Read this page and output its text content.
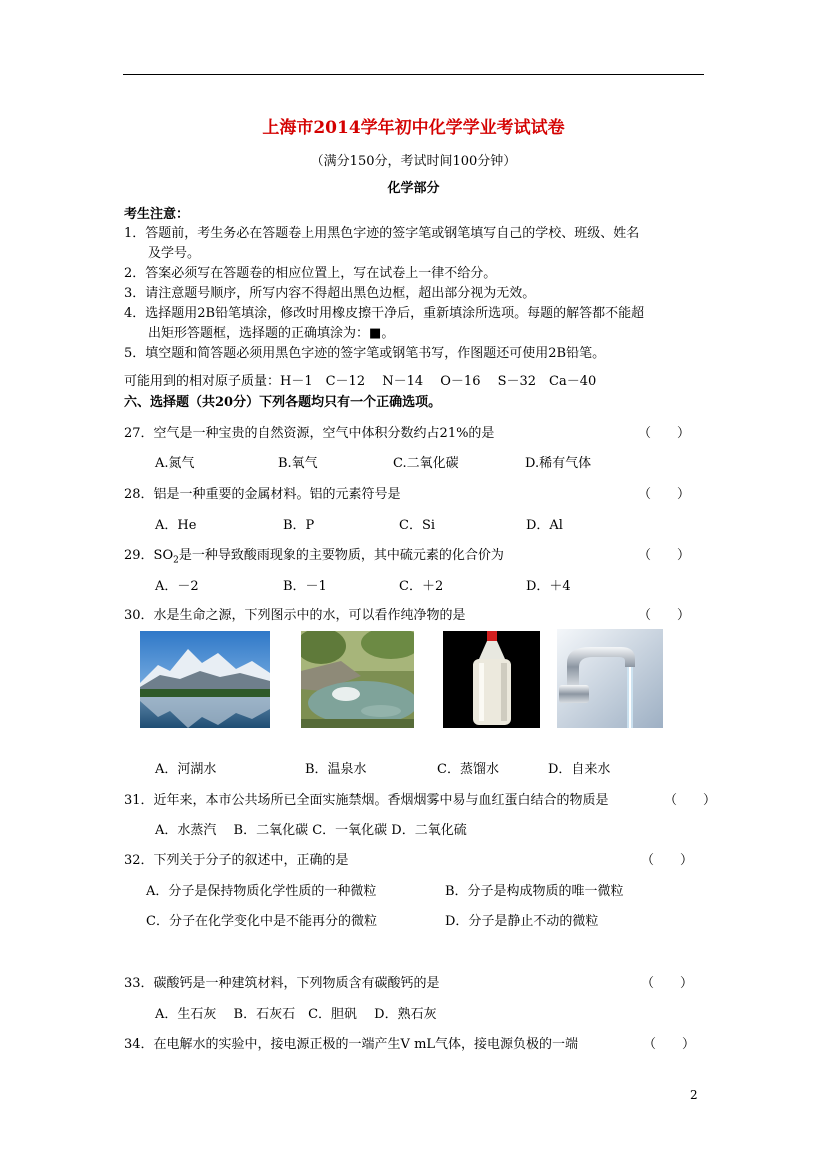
上海市2014学年初中化学学业考试试卷
（满分150分，考试时间100分钟）
化学部分
考生注意：
1．答题前，考生务必在答题卷上用黑色字迹的签字笔或钢笔填写自己的学校、班级、姓名
及学号。
2．答案必须写在答题卷的相应位置上，写在试卷上一律不给分。
3．请注意题号顺序，所写内容不得超出黑色边框，超出部分视为无效。
4．选择题用2B铅笔填涂，修改时用橡皮擦干净后，重新填涂所选项。每题的解答都不能超
出矩形答题框，选择题的正确填涂为：■。
5．填空题和简答题必须用黑色字迹的签字笔或钢笔书写，作图题还可使用2B铅笔。
可能用到的相对原子质量：H－1　C－12　 N－14　 O－16　 S－32　Ca－40
六、选择题（共20分）下列各题均只有一个正确选项。
27．空气是一种宝贵的自然资源，空气中体积分数约占21%的是	（　　）
A.氮气	B.氧气	C.二氧化碳	D.稀有气体
28．铝是一种重要的金属材料。铝的元素符号是	（　　）
A．He	B．P	C．Si	D．Al
29．$SO_2$是一种导致酸雨现象的主要物质，其中硫元素的化合价为	（　　）
A．－2	B．－1	C．＋2	D．＋4
30．水是生命之源，下列图示中的水，可以看作纯净物的是	（　　）
A．河湖水	B．温泉水	C．蒸馏水	D．自来水
31．近年来，本市公共场所已全面实施禁烟。香烟烟雾中易与血红蛋白结合的物质是	（　　）
A．水蒸汽　 B．二氧化碳 C．一氧化碳 D．二氧化硫
32．下列关于分子的叙述中，正确的是	（　　）
A．分子是保持物质化学性质的一种微粒	B．分子是构成物质的唯一微粒
C．分子在化学变化中是不能再分的微粒	D．分子是静止不动的微粒
33．碳酸钙是一种建筑材料，下列物质含有碳酸钙的是	（　　）
A．生石灰　 B．石灰石　C．胆矾　 D．熟石灰
34．在电解水的实验中，接电源正极的一端产生V mL气体，接电源负极的一端	（　　）
2
